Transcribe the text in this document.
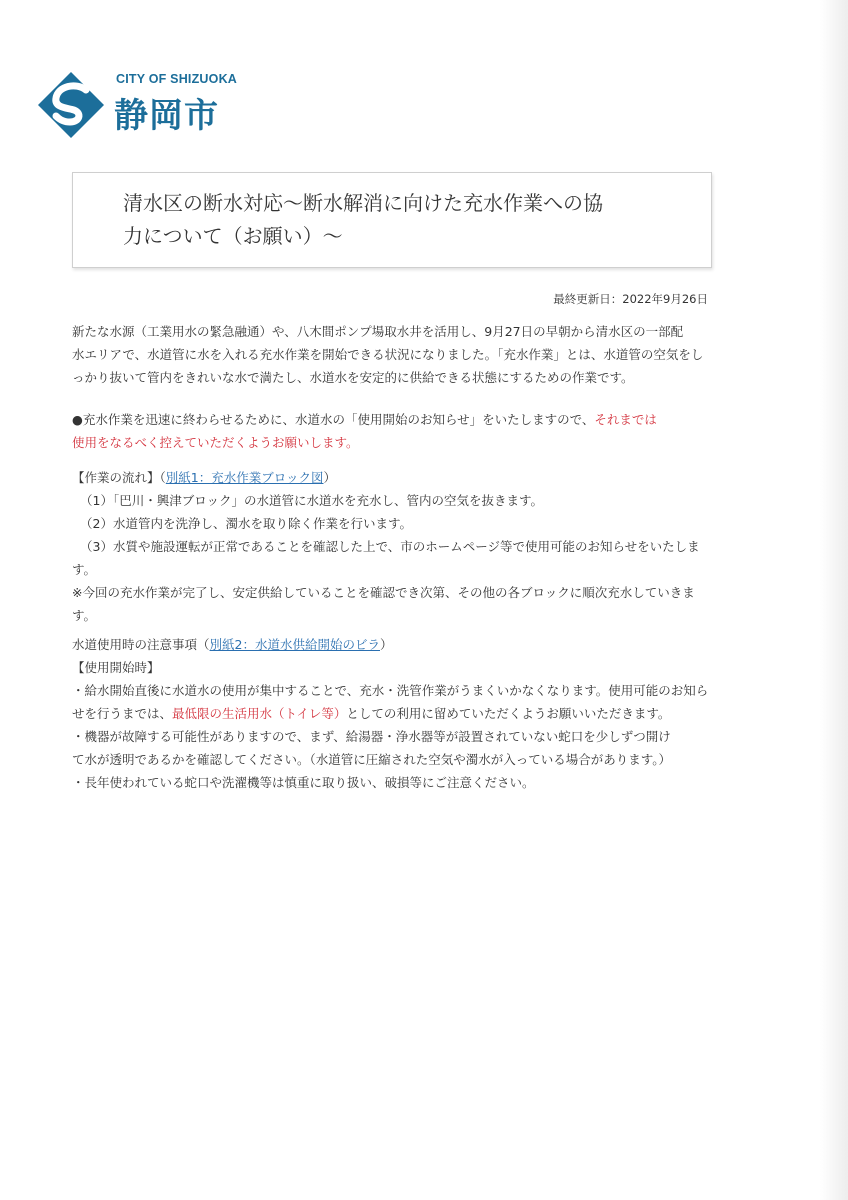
CITY OF SHIZUOKA
静岡市
清水区の断水対応～断水解消に向けた充水作業への協
力について（お願い）～
最終更新日：2022年9月26日
新たな水源（工業用水の緊急融通）や、八木間ポンプ場取水井を活用し、9月27日の早朝から清水区の一部配
水エリアで、水道管に水を入れる充水作業を開始できる状況になりました。「充水作業」とは、水道管の空気をし
っかり抜いて管内をきれいな水で満たし、水道水を安定的に供給できる状態にするための作業です。
●充水作業を迅速に終わらせるために、水道水の「使用開始のお知らせ」をいたしますので、それまでは
使用をなるべく控えていただくようお願いします。
【作業の流れ】（別紙1：充水作業ブロック図）
（1）「巴川・興津ブロック」の水道管に水道水を充水し、管内の空気を抜きます。
（2）水道管内を洗浄し、濁水を取り除く作業を行います。
（3）水質や施設運転が正常であることを確認した上で、市のホームページ等で使用可能のお知らせをいたしま
す。
※今回の充水作業が完了し、安定供給していることを確認でき次第、その他の各ブロックに順次充水していきま
す。
水道使用時の注意事項（別紙2：水道水供給開始のビラ）
【使用開始時】
・給水開始直後に水道水の使用が集中することで、充水・洗管作業がうまくいかなくなります。使用可能のお知ら
せを行うまでは、最低限の生活用水（トイレ等）としての利用に留めていただくようお願いいただきます。
・機器が故障する可能性がありますので、まず、給湯器・浄水器等が設置されていない蛇口を少しずつ開け
て水が透明であるかを確認してください。（水道管に圧縮された空気や濁水が入っている場合があります。）
・長年使われている蛇口や洗濯機等は慎重に取り扱い、破損等にご注意ください。
